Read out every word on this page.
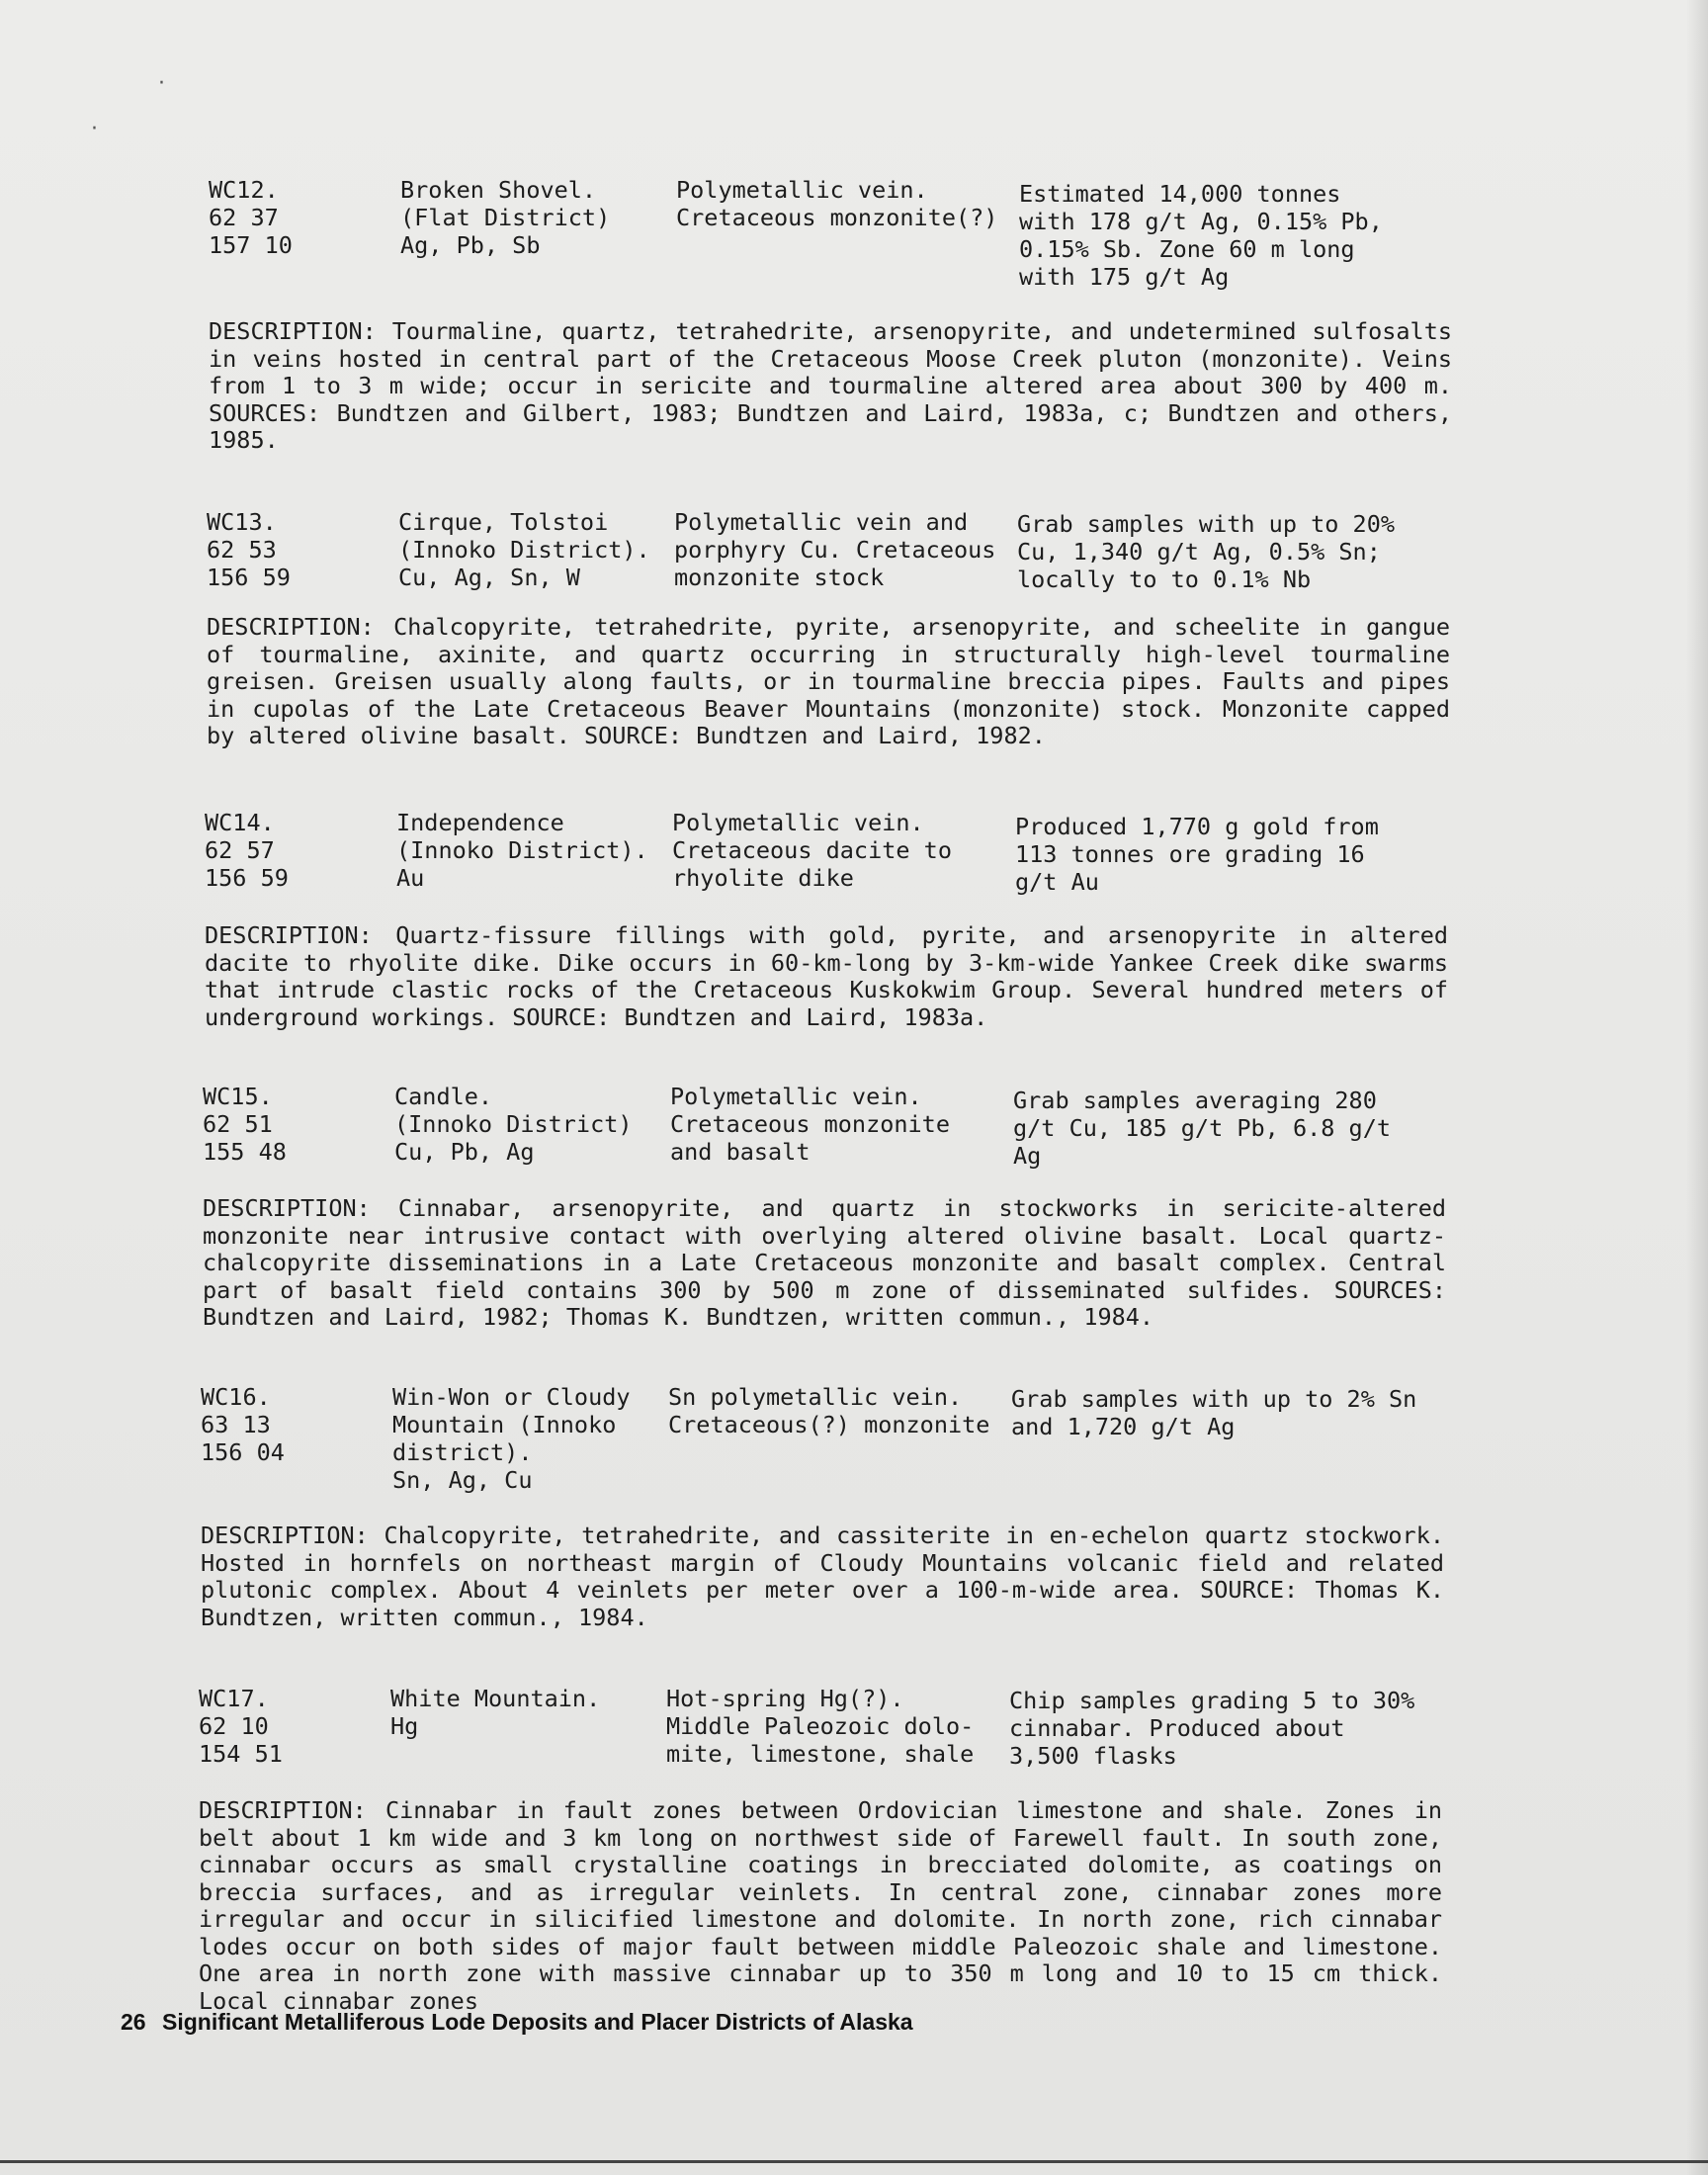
·
·
WC12.
62 37
157 10
Broken Shovel.
(Flat District)
Ag, Pb, Sb
Polymetallic vein.
Cretaceous monzonite(?)
Estimated 14,000 tonnes
with 178 g/t Ag, 0.15% Pb,
0.15% Sb. Zone 60 m long
with 175 g/t Ag
DESCRIPTION: Tourmaline, quartz, tetrahedrite, arsenopyrite, and undetermined sulfosalts in veins hosted in central part of the Cretaceous Moose Creek pluton (monzonite). Veins from 1 to 3 m wide; occur in sericite and tourmaline altered area about 300 by 400 m. SOURCES: Bundtzen and Gilbert, 1983; Bundtzen and Laird, 1983a, c; Bundtzen and others, 1985.
WC13.
62 53
156 59
Cirque, Tolstoi
(Innoko District).
Cu, Ag, Sn, W
Polymetallic vein and
porphyry Cu. Cretaceous
monzonite stock
Grab samples with up to 20%
Cu, 1,340 g/t Ag, 0.5% Sn;
locally to to 0.1% Nb
DESCRIPTION: Chalcopyrite, tetrahedrite, pyrite, arsenopyrite, and scheelite in gangue of tourmaline, axinite, and quartz occurring in structurally high-level tourmaline greisen. Greisen usually along faults, or in tourmaline breccia pipes. Faults and pipes in cupolas of the Late Cretaceous Beaver Mountains (monzonite) stock. Monzonite capped by altered olivine basalt. SOURCE: Bundtzen and Laird, 1982.
WC14.
62 57
156 59
Independence
(Innoko District).
Au
Polymetallic vein.
Cretaceous dacite to
rhyolite dike
Produced 1,770 g gold from
113 tonnes ore grading 16
g/t Au
DESCRIPTION: Quartz-fissure fillings with gold, pyrite, and arsenopyrite in altered dacite to rhyolite dike. Dike occurs in 60-km-long by 3-km-wide Yankee Creek dike swarms that intrude clastic rocks of the Cretaceous Kuskokwim Group. Several hundred meters of underground workings. SOURCE: Bundtzen and Laird, 1983a.
WC15.
62 51
155 48
Candle.
(Innoko District)
Cu, Pb, Ag
Polymetallic vein.
Cretaceous monzonite
and basalt
Grab samples averaging 280
g/t Cu, 185 g/t Pb, 6.8 g/t
Ag
DESCRIPTION: Cinnabar, arsenopyrite, and quartz in stockworks in sericite-altered monzonite near intrusive contact with overlying altered olivine basalt. Local quartz-chalcopyrite disseminations in a Late Cretaceous monzonite and basalt complex. Central part of basalt field contains 300 by 500 m zone of disseminated sulfides. SOURCES: Bundtzen and Laird, 1982; Thomas K. Bundtzen, written commun., 1984.
WC16.
63 13
156 04
Win-Won or Cloudy
Mountain (Innoko
district).
Sn, Ag, Cu
Sn polymetallic vein.
Cretaceous(?) monzonite
Grab samples with up to 2% Sn
and 1,720 g/t Ag
DESCRIPTION: Chalcopyrite, tetrahedrite, and cassiterite in en-echelon quartz stockwork. Hosted in hornfels on northeast margin of Cloudy Mountains volcanic field and related plutonic complex. About 4 veinlets per meter over a 100-m-wide area. SOURCE: Thomas K. Bundtzen, written commun., 1984.
WC17.
62 10
154 51
White Mountain.
Hg
Hot-spring Hg(?).
Middle Paleozoic dolo-
mite, limestone, shale
Chip samples grading 5 to 30%
cinnabar. Produced about
3,500 flasks
DESCRIPTION: Cinnabar in fault zones between Ordovician limestone and shale. Zones in belt about 1 km wide and 3 km long on northwest side of Farewell fault. In south zone, cinnabar occurs as small crystalline coatings in brecciated dolomite, as coatings on breccia surfaces, and as irregular veinlets. In central zone, cinnabar zones more irregular and occur in silicified limestone and dolomite. In north zone, rich cinnabar lodes occur on both sides of major fault between middle Paleozoic shale and limestone. One area in north zone with massive cinnabar up to 350 m long and 10 to 15 cm thick. Local cinnabar zones
26 Significant Metalliferous Lode Deposits and Placer Districts of Alaska
